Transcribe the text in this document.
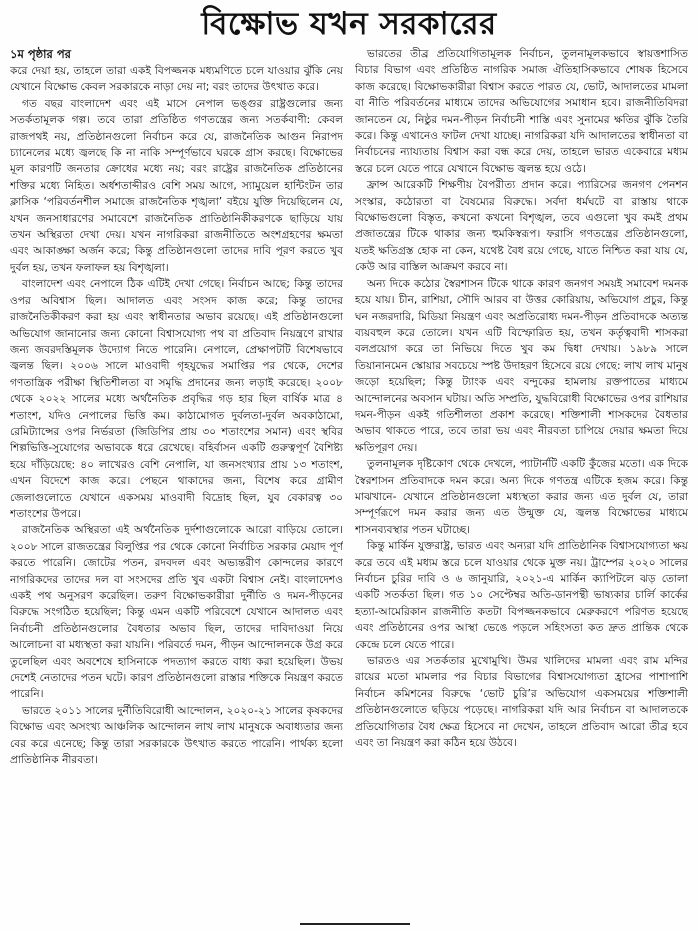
বিক্ষোভ যখন সরকারের
১ম পৃষ্ঠার পর

করে দেয়া হয়, তাহলে তারা একই বিপজ্জনক মধ্যমণিতে চলে যাওয়ার ঝুঁকি নেয় যেখানে বিক্ষোভ কেবল সরকারকে নাড়া দেয় না; বরং তাদের উৎখাত করে।

গত বছর বাংলাদেশ এবং এই মাসে নেপাল ভঙ্গুর রাষ্ট্রগুলোর জন্য সতর্কতামূলক গল্প। তবে তারা প্রতিষ্ঠিত গণতন্ত্রের জন্য সতর্কবাণী: কেবল রাজপথই নয়, প্রতিষ্ঠানগুলো নির্বাচন করে যে, রাজনৈতিক আগুন নিরাপদ চ্যানেলের মধ্যে জ্বলছে কি না নাকি সম্পূর্ণভাবে ঘরকে গ্রাস করছে। বিক্ষোভের মূল কারণটি জনতার ক্রোধের মধ্যে নয়; বরং রাষ্ট্রের রাজনৈতিক প্রতিষ্ঠানের শক্তির মধ্যে নিহিত। অর্ধশতাব্দীরও বেশি সময় আগে, স্যামুয়েল হান্টিংটন তার ক্লাসিক ‘পরিবর্তনশীল সমাজে রাজনৈতিক শৃঙ্খলা’ বইয়ে যুক্তি দিয়েছিলেন যে, যখন জনসাধারণের সমাবেশে রাজনৈতিক প্রাতিষ্ঠানিকীকরণকে ছাড়িয়ে যায় তখন অস্থিরতা দেখা দেয়। যখন নাগরিকরা রাজনীতিতে অংশগ্রহণের ক্ষমতা এবং আকাঙ্ক্ষা অর্জন করে; কিন্তু প্রতিষ্ঠানগুলো তাদের দাবি পূরণ করতে খুব দুর্বল হয়, তখন ফলাফল হয় বিশৃঙ্খলা।

বাংলাদেশ এবং নেপালে ঠিক এটিই দেখা গেছে। নির্বাচন আছে; কিন্তু তাদের ওপর অবিশ্বাস ছিল। আদালত এবং সংসদ কাজ করে; কিন্তু তাদের রাজনৈতিকীকরণ করা হয় এবং স্বাধীনতার অভাব রয়েছে। এই প্রতিষ্ঠানগুলো অভিযোগ জানানোর জন্য কোনো বিশ্বাসযোগ্য পথ বা প্রতিবাদ নিয়ন্ত্রণে রাখার জন্য জবরদস্তিমূলক উদ্যোগ নিতে পারেনি। নেপালে, প্রেক্ষাপটটি বিশেষভাবে জ্বলন্ত ছিল। ২০০৬ সালে মাওবাদী গৃহযুদ্ধের সমাপ্তির পর থেকে, দেশের গণতান্ত্রিক পরীক্ষা স্থিতিশীলতা বা সমৃদ্ধি প্রদানের জন্য লড়াই করেছে। ২০০৮ থেকে ২০২২ সালের মধ্যে অর্থনৈতিক প্রবৃদ্ধির গড় হার ছিল বার্ষিক মাত্র ৪ শতাংশ, যদিও নেপালের ভিত্তি কম। কাঠামোগত দুর্বলতা-দুর্বল অবকাঠামো, রেমিট্যান্সের ওপর নির্ভরতা (জিডিপির প্রায় ৩০ শতাংশের সমান) এবং স্থবির শিল্পভিত্তি-সুযোগের অভাবকে ধরে রেখেছে। বহির্বাসন একটি গুরুত্বপূর্ণ বৈশিষ্ট্য হয়ে দাঁড়িয়েছে: ৪০ লাখেরও বেশি নেপালি, যা জনসংখ্যার প্রায় ১৩ শতাংশ, এখন বিদেশে কাজ করে। পেছনে থাকাদের জন্য, বিশেষ করে গ্রামীণ জেলাগুলোতে যেখানে একসময় মাওবাদী বিদ্রোহ ছিল, যুব বেকারত্ব ৩০ শতাংশের উপরে।

রাজনৈতিক অস্থিরতা এই অর্থনৈতিক দুর্দশাগুলোকে আরো বাড়িয়ে তোলে। ২০০৮ সালে রাজতন্ত্রের বিলুপ্তির পর থেকে কোনো নির্বাচিত সরকার মেয়াদ পূর্ণ করতে পারেনি। জোটের পতন, রদবদল এবং অভ্যন্তরীণ কোন্দলের কারণে নাগরিকদের তাদের দল বা সংসদের প্রতি খুব একটা বিশ্বাস নেই। বাংলাদেশও একই পথ অনুসরণ করেছিল। তরুণ বিক্ষোভকারীরা দুর্নীতি ও দমন-পীড়নের বিরুদ্ধে সংগঠিত হয়েছিল; কিন্তু এমন একটি পরিবেশে যেখানে আদালত এবং নির্বাচনী প্রতিষ্ঠানগুলোর বৈধতার অভাব ছিল, তাদের দাবিদাওয়া নিয়ে আলোচনা বা মধ্যস্থতা করা যায়নি। পরিবর্তে দমন, পীড়ন আন্দোলনকে উগ্র করে তুলেছিল এবং অবশেষে হাসিনাকে পদত্যাগ করতে বাধ্য করা হয়েছিল। উভয় দেশেই নেতাদের পতন ঘটে। কারণ প্রতিষ্ঠানগুলো রাস্তার শক্তিকে নিয়ন্ত্রণ করতে পারেনি।

ভারতে ২০১১ সালের দুর্নীতিবিরোধী আন্দোলন, ২০২০-২১ সালের কৃষকদের বিক্ষোভ এবং অসংখ্য আঞ্চলিক আন্দোলন লাখ লাখ মানুষকে অবাধ্যতার জন্য বের করে এনেছে; কিন্তু তারা সরকারকে উৎখাত করতে পারেনি। পার্থক্য হলো প্রাতিষ্ঠানিক নীরবতা।

ভারতের তীব্র প্রতিযোগিতামূলক নির্বাচন, তুলনামূলকভাবে স্বায়ত্তশাসিত বিচার বিভাগ এবং প্রতিষ্ঠিত নাগরিক সমাজ ঐতিহাসিকভাবে শোষক হিসেবে কাজ করেছে। বিক্ষোভকারীরা বিশ্বাস করতে পারত যে, ভোট, আদালতের মামলা বা নীতি পরিবর্তনের মাধ্যমে তাদের অভিযোগের সমাধান হবে। রাজনীতিবিদরা জানতেন যে, নিষ্ঠুর দমন-পীড়ন নির্বাচনী শাস্তি এবং সুনামের ক্ষতির ঝুঁকি তৈরি করে। কিন্তু এখানেও ফাটল দেখা যাচ্ছে। নাগরিকরা যদি আদালতের স্বাধীনতা বা নির্বাচনের ন্যায্যতায় বিশ্বাস করা বন্ধ করে দেয়, তাহলে ভারত একেবারে মধ্যম স্তরে চলে যেতে পারে যেখানে বিক্ষোভ জ্বলন্ত হয়ে ওঠে।

ফ্রান্স আরেকটি শিক্ষণীয় বৈপরীত্য প্রদান করে। প্যারিসের জনগণ পেনশন সংস্কার, কঠোরতা বা বৈষম্যের বিরুদ্ধে। সর্বদা ধর্মঘটে বা রাস্তায় থাকে বিক্ষোভগুলো বিস্তৃত, কখনো কখনো বিশৃঙ্খল, তবে এগুলো খুব কমই প্রথম প্রজাতন্ত্রের টিকে থাকার জন্য হুমকিস্বরূপ। ফরাসি গণতন্ত্রের প্রতিষ্ঠানগুলো, যতই ক্ষতিগ্রস্ত হোক না কেন, যথেষ্ট বৈধ রয়ে গেছে, যাতে নিশ্চিত করা যায় যে, কেউ আর বাস্তিল আক্রমণ করবে না।

অন্য দিকে কঠোর স্বৈরশাসন টিকে থাকে কারণ জনগণ সময়ই সমাবেশ দমনক হয়ে যায়। চীন, রাশিয়া, সৌদি আরব বা উত্তর কোরিয়ায়, অভিযোগ প্রচুর, কিন্তু ঘন নজরদারি, মিডিয়া নিয়ন্ত্রণ এবং অপ্রতিরোধ্য দমন-পীড়ন প্রতিবাদকে অত্যন্ত ব্যয়বহুল করে তোলে। যখন এটি বিস্ফোরিত হয়, তখন কর্তৃত্ববাদী শাসকরা বলপ্রয়োগ করে তা নিভিয়ে দিতে খুব কম দ্বিধা দেখায়। ১৯৮৯ সালে তিয়ানানমেন স্কোয়ার সবচেয়ে স্পষ্ট উদাহরণ হিসেবে রয়ে গেছে: লাখ লাখ মানুষ জড়ো হয়েছিল; কিন্তু ট্যাংক এবং বন্দুকের হামলায় রক্তপাতের মাধ্যমে আন্দোলনের অবসান ঘটায়। অতি সম্প্রতি, যুদ্ধবিরোধী বিক্ষোভের ওপর রাশিয়ার দমন-পীড়ন একই গতিশীলতা প্রকাশ করেছে। শক্তিশালী শাসকদের বৈধতার অভাব থাকতে পারে, তবে তারা ভয় এবং নীরবতা চাপিয়ে দেয়ার ক্ষমতা দিয়ে ক্ষতিপূরণ দেয়।

তুলনামূলক দৃষ্টিকোণ থেকে দেখলে, প্যাটার্নটি একটি কুঁজের মতো। এক দিকে স্বৈরশাসন প্রতিবাদকে দমন করে। অন্য দিকে গণতন্ত্র এটিকে হজম করে। কিন্তু মাঝখানে- যেখানে প্রতিষ্ঠানগুলো মধ্যস্থতা করার জন্য এত দুর্বল যে, তারা সম্পূর্ণরূপে দমন করার জন্য এত উন্মুক্ত যে, জ্বলন্ত বিক্ষোভের মাধ্যমে শাসনব্যবস্থার পতন ঘটাচ্ছে।

কিন্তু মার্কিন যুক্তরাষ্ট্র, ভারত এবং অন্যরা যদি প্রাতিষ্ঠানিক বিশ্বাসযোগ্যতা ক্ষয় করে তবে এই মধ্যম স্তরে চলে যাওয়ার থেকে মুক্ত নয়। ট্রাম্পের ২০২০ সালের নির্বাচন চুরির দাবি ও ৬ জানুয়ারি, ২০২১-এ মার্কিন ক্যাপিটলে ঝড় তোলা একটি সতর্কতা ছিল। গত ১০ সেপ্টেম্বর অতি-ডানপন্থী ভাষ্যকার চার্লি কার্কের হত্যা-আমেরিকান রাজনীতি কতটা বিপজ্জনকভাবে মেরুকরণে পরিণত হয়েছে এবং প্রতিষ্ঠানের ওপর আস্থা ভেঙে পড়লে সহিংসতা কত দ্রুত প্রান্তিক থেকে কেন্দ্রে চলে যেতে পারে।

ভারতও এর সতর্কতার মুখোমুখি। উমর খালিদের মামলা এবং রাম মন্দির রায়ের মতো মামলার পর বিচার বিভাগের বিশ্বাসযোগ্যতা হ্রাসের পাশাপাশি নির্বাচন কমিশনের বিরুদ্ধে ‘ভোট চুরি’র অভিযোগ একসময়ের শক্তিশালী প্রতিষ্ঠানগুলোতে ছড়িয়ে পড়েছে। নাগরিকরা যদি আর নির্বাচন বা আদালতকে প্রতিযোগিতার বৈধ ক্ষেত্র হিসেবে না দেখেন, তাহলে প্রতিবাদ আরো তীব্র হবে এবং তা নিয়ন্ত্রণ করা কঠিন হয়ে উঠবে।
